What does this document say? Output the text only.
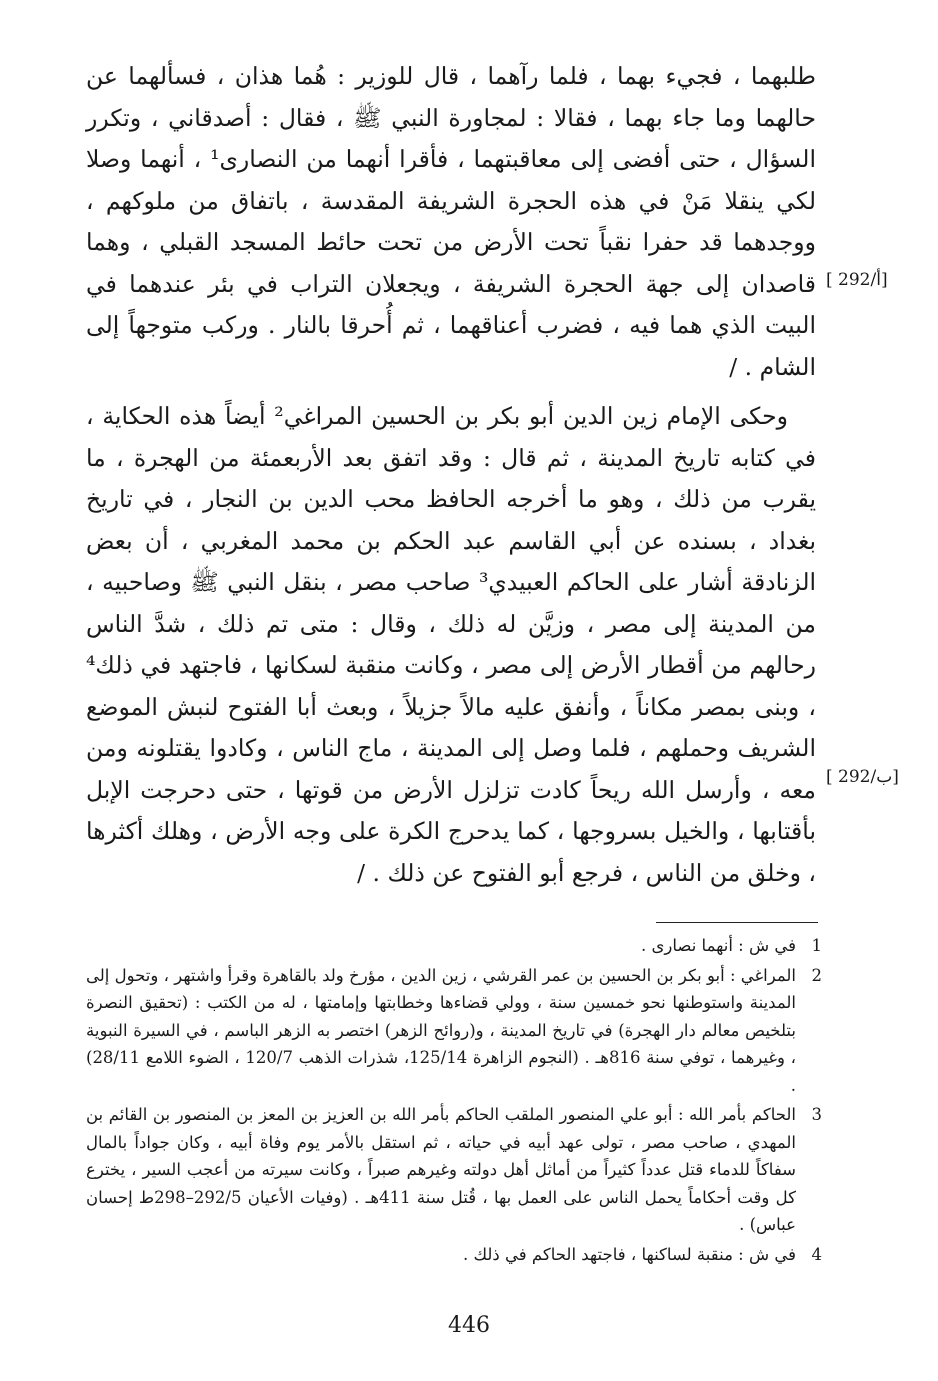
طلبهما ، فجيء بهما ، فلما رآهما ، قال للوزير : هُما هذان ، فسألهما عن حالهما وما جاء بهما ، فقالا : لمجاورة النبي ﷺ ، فقال : أصدقاني ، وتكرر السؤال ، حتى أفضى إلى معاقبتهما ، فأقرا أنهما من النصارى¹ ، أنهما وصلا لكي ينقلا مَنْ في هذه الحجرة الشريفة المقدسة ، باتفاق من ملوكهم ، ووجدهما قد حفرا نقباً تحت الأرض من تحت حائط المسجد القبلي ، وهما قاصدان إلى جهة الحجرة الشريفة ، ويجعلان التراب في بئر عندهما في البيت الذي هما فيه ، فضرب أعناقهما ، ثم أُحرقا بالنار . وركب متوجهاً إلى الشام . /

وحكى الإمام زين الدين أبو بكر بن الحسين المراغي² أيضاً هذه الحكاية ، في كتابه تاريخ المدينة ، ثم قال : وقد اتفق بعد الأربعمئة من الهجرة ، ما يقرب من ذلك ، وهو ما أخرجه الحافظ محب الدين بن النجار ، في تاريخ بغداد ، بسنده عن أبي القاسم عبد الحكم بن محمد المغربي ، أن بعض الزنادقة أشار على الحاكم العبيدي³ صاحب مصر ، بنقل النبي ﷺ وصاحبيه ، من المدينة إلى مصر ، وزيَّن له ذلك ، وقال : متى تم ذلك ، شدَّ الناس رحالهم من أقطار الأرض إلى مصر ، وكانت منقبة لسكانها ، فاجتهد في ذلك⁴ ، وبنى بمصر مكاناً ، وأنفق عليه مالاً جزيلاً ، وبعث أبا الفتوح لنبش الموضع الشريف وحملهم ، فلما وصل إلى المدينة ، ماج الناس ، وكادوا يقتلونه ومن معه ، وأرسل الله ريحاً كادت تزلزل الأرض من قوتها ، حتى دحرجت الإبل بأقتابها ، والخيل بسروجها ، كما يدحرج الكرة على وجه الأرض ، وهلك أكثرها ، وخلق من الناس ، فرجع أبو الفتوح عن ذلك . /

[ 292/أ]
[ 292/ب]
1
في ش : أنهما نصارى .
2
المراغي : أبو بكر بن الحسين بن عمر القرشي ، زين الدين ، مؤرخ ولد بالقاهرة وقرأ واشتهر ، وتحول إلى المدينة واستوطنها نحو خمسين سنة ، وولي قضاءها وخطابتها وإمامتها ، له من الكتب : (تحقيق النصرة بتلخيص معالم دار الهجرة) في تاريخ المدينة ، و(روائح الزهر) اختصر به الزهر الباسم ، في السيرة النبوية ، وغيرهما ، توفي سنة 816هـ . (النجوم الزاهرة 125/14، شذرات الذهب 120/7 ، الضوء اللامع 28/11) .
3
الحاكم بأمر الله : أبو علي المنصور الملقب الحاكم بأمر الله بن العزيز بن المعز بن المنصور بن القائم بن المهدي ، صاحب مصر ، تولى عهد أبيه في حياته ، ثم استقل بالأمر يوم وفاة أبيه ، وكان جواداً بالمال سفاكاً للدماء قتل عدداً كثيراً من أماثل أهل دولته وغيرهم صبراً ، وكانت سيرته من أعجب السير ، يخترع كل وقت أحكاماً يحمل الناس على العمل بها ، قُتل سنة 411هـ . (وفيات الأعيان 292/5–298ط إحسان عباس) .
4
في ش : منقبة لساكنها ، فاجتهد الحاكم في ذلك .
446
